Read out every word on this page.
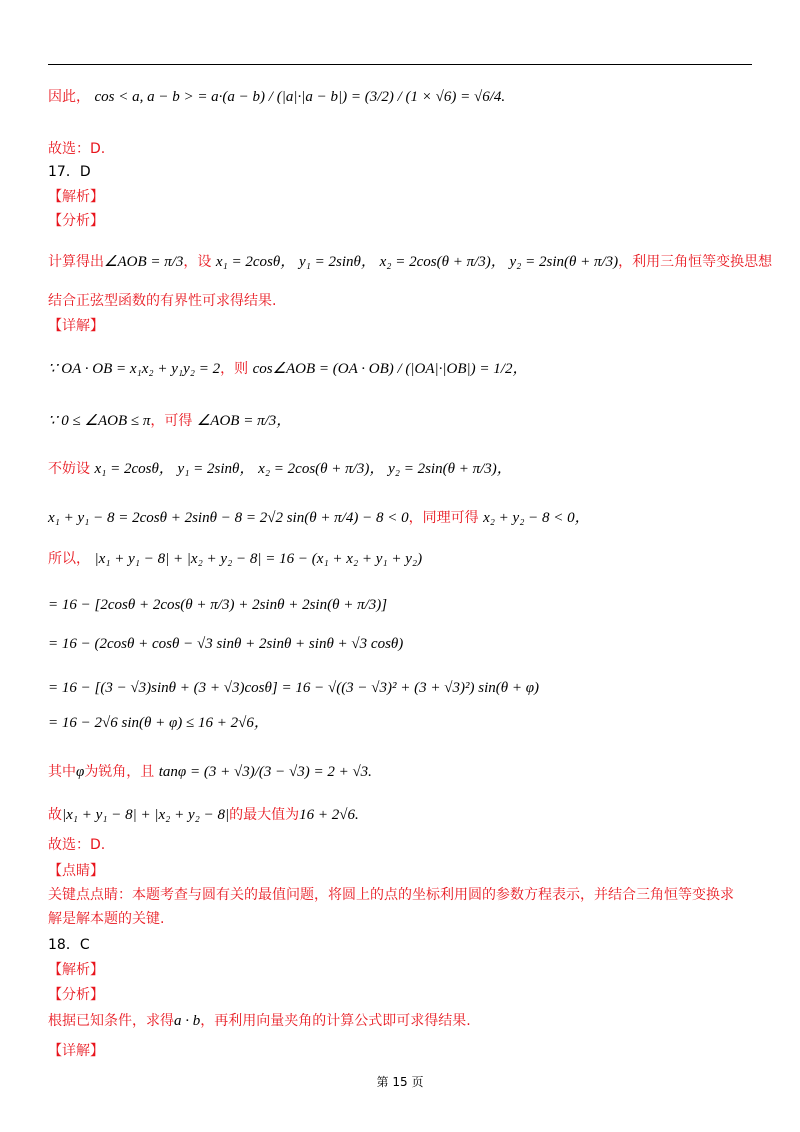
因此， cos < a, a − b > = a·(a − b) / (|a|·|a − b|) = (3/2) / (1 × √6) = √6/4.
故选：D.
17．D
【解析】
【分析】
计算得出∠AOB = π/3，设 x₁ = 2cosθ， y₁ = 2sinθ， x₂ = 2cos(θ + π/3)， y₂ = 2sin(θ + π/3)，利用三角恒等变换思想
结合正弦型函数的有界性可求得结果.
【详解】
∵ OA · OB = x₁x₂ + y₁y₂ = 2，则 cos∠AOB = (OA · OB) / (|OA|·|OB|) = 1/2，
∵ 0 ≤ ∠AOB ≤ π，可得 ∠AOB = π/3，
不妨设 x₁ = 2cosθ， y₁ = 2sinθ， x₂ = 2cos(θ + π/3)， y₂ = 2sin(θ + π/3)，
x₁ + y₁ − 8 = 2cosθ + 2sinθ − 8 = 2√2 sin(θ + π/4) − 8 < 0，同理可得 x₂ + y₂ − 8 < 0，
所以， |x₁ + y₁ − 8| + |x₂ + y₂ − 8| = 16 − (x₁ + x₂ + y₁ + y₂)
= 16 − [2cosθ + 2cos(θ + π/3) + 2sinθ + 2sin(θ + π/3)]
= 16 − (2cosθ + cosθ − √3 sinθ + 2sinθ + sinθ + √3 cosθ)
= 16 − [(3 − √3)sinθ + (3 + √3)cosθ] = 16 − √((3 − √3)² + (3 + √3)²) sin(θ + φ)
= 16 − 2√6 sin(θ + φ) ≤ 16 + 2√6，
其中φ为锐角，且 tanφ = (3 + √3)/(3 − √3) = 2 + √3.
故|x₁ + y₁ − 8| + |x₂ + y₂ − 8|的最大值为16 + 2√6.
故选：D.
【点睛】
关键点点睛：本题考查与圆有关的最值问题，将圆上的点的坐标利用圆的参数方程表示，并结合三角恒等变换求
解是解本题的关键.
18．C
【解析】
【分析】
根据已知条件，求得a · b，再利用向量夹角的计算公式即可求得结果.
【详解】
第 15 页
